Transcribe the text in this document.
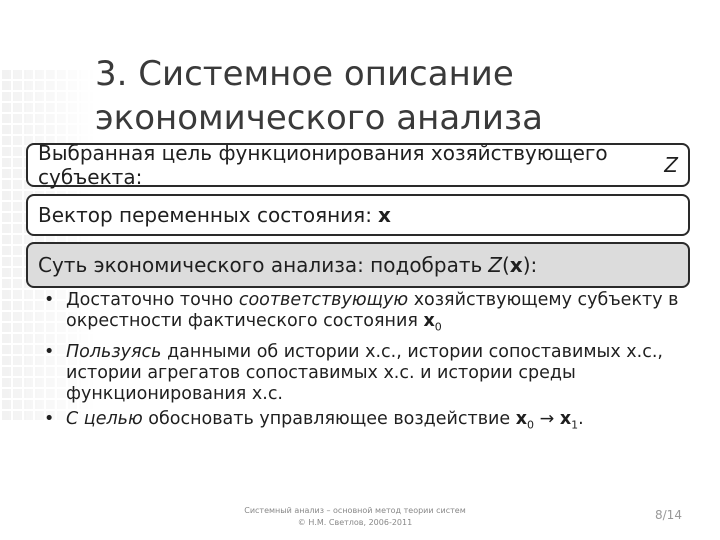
3. Системное описание
экономического анализа
Выбранная цель функционирования хозяйствующего субъекта:	Z
Вектор переменных состояния: x
Суть экономического анализа: подобрать Z ( x ):
• Достаточно точно соответствующую хозяйствующему субъекту в окрестности фактического состояния $x_0$
• Пользуясь данными об истории х.с., истории сопоставимых х.с., истории агрегатов сопоставимых х.с. и истории среды функционирования х.с.
• С целью обосновать управляющее воздействие $x_0 \to x_1$.
Системный анализ – основной метод теории систем
© Н.М. Светлов, 2006-2011
8/14
